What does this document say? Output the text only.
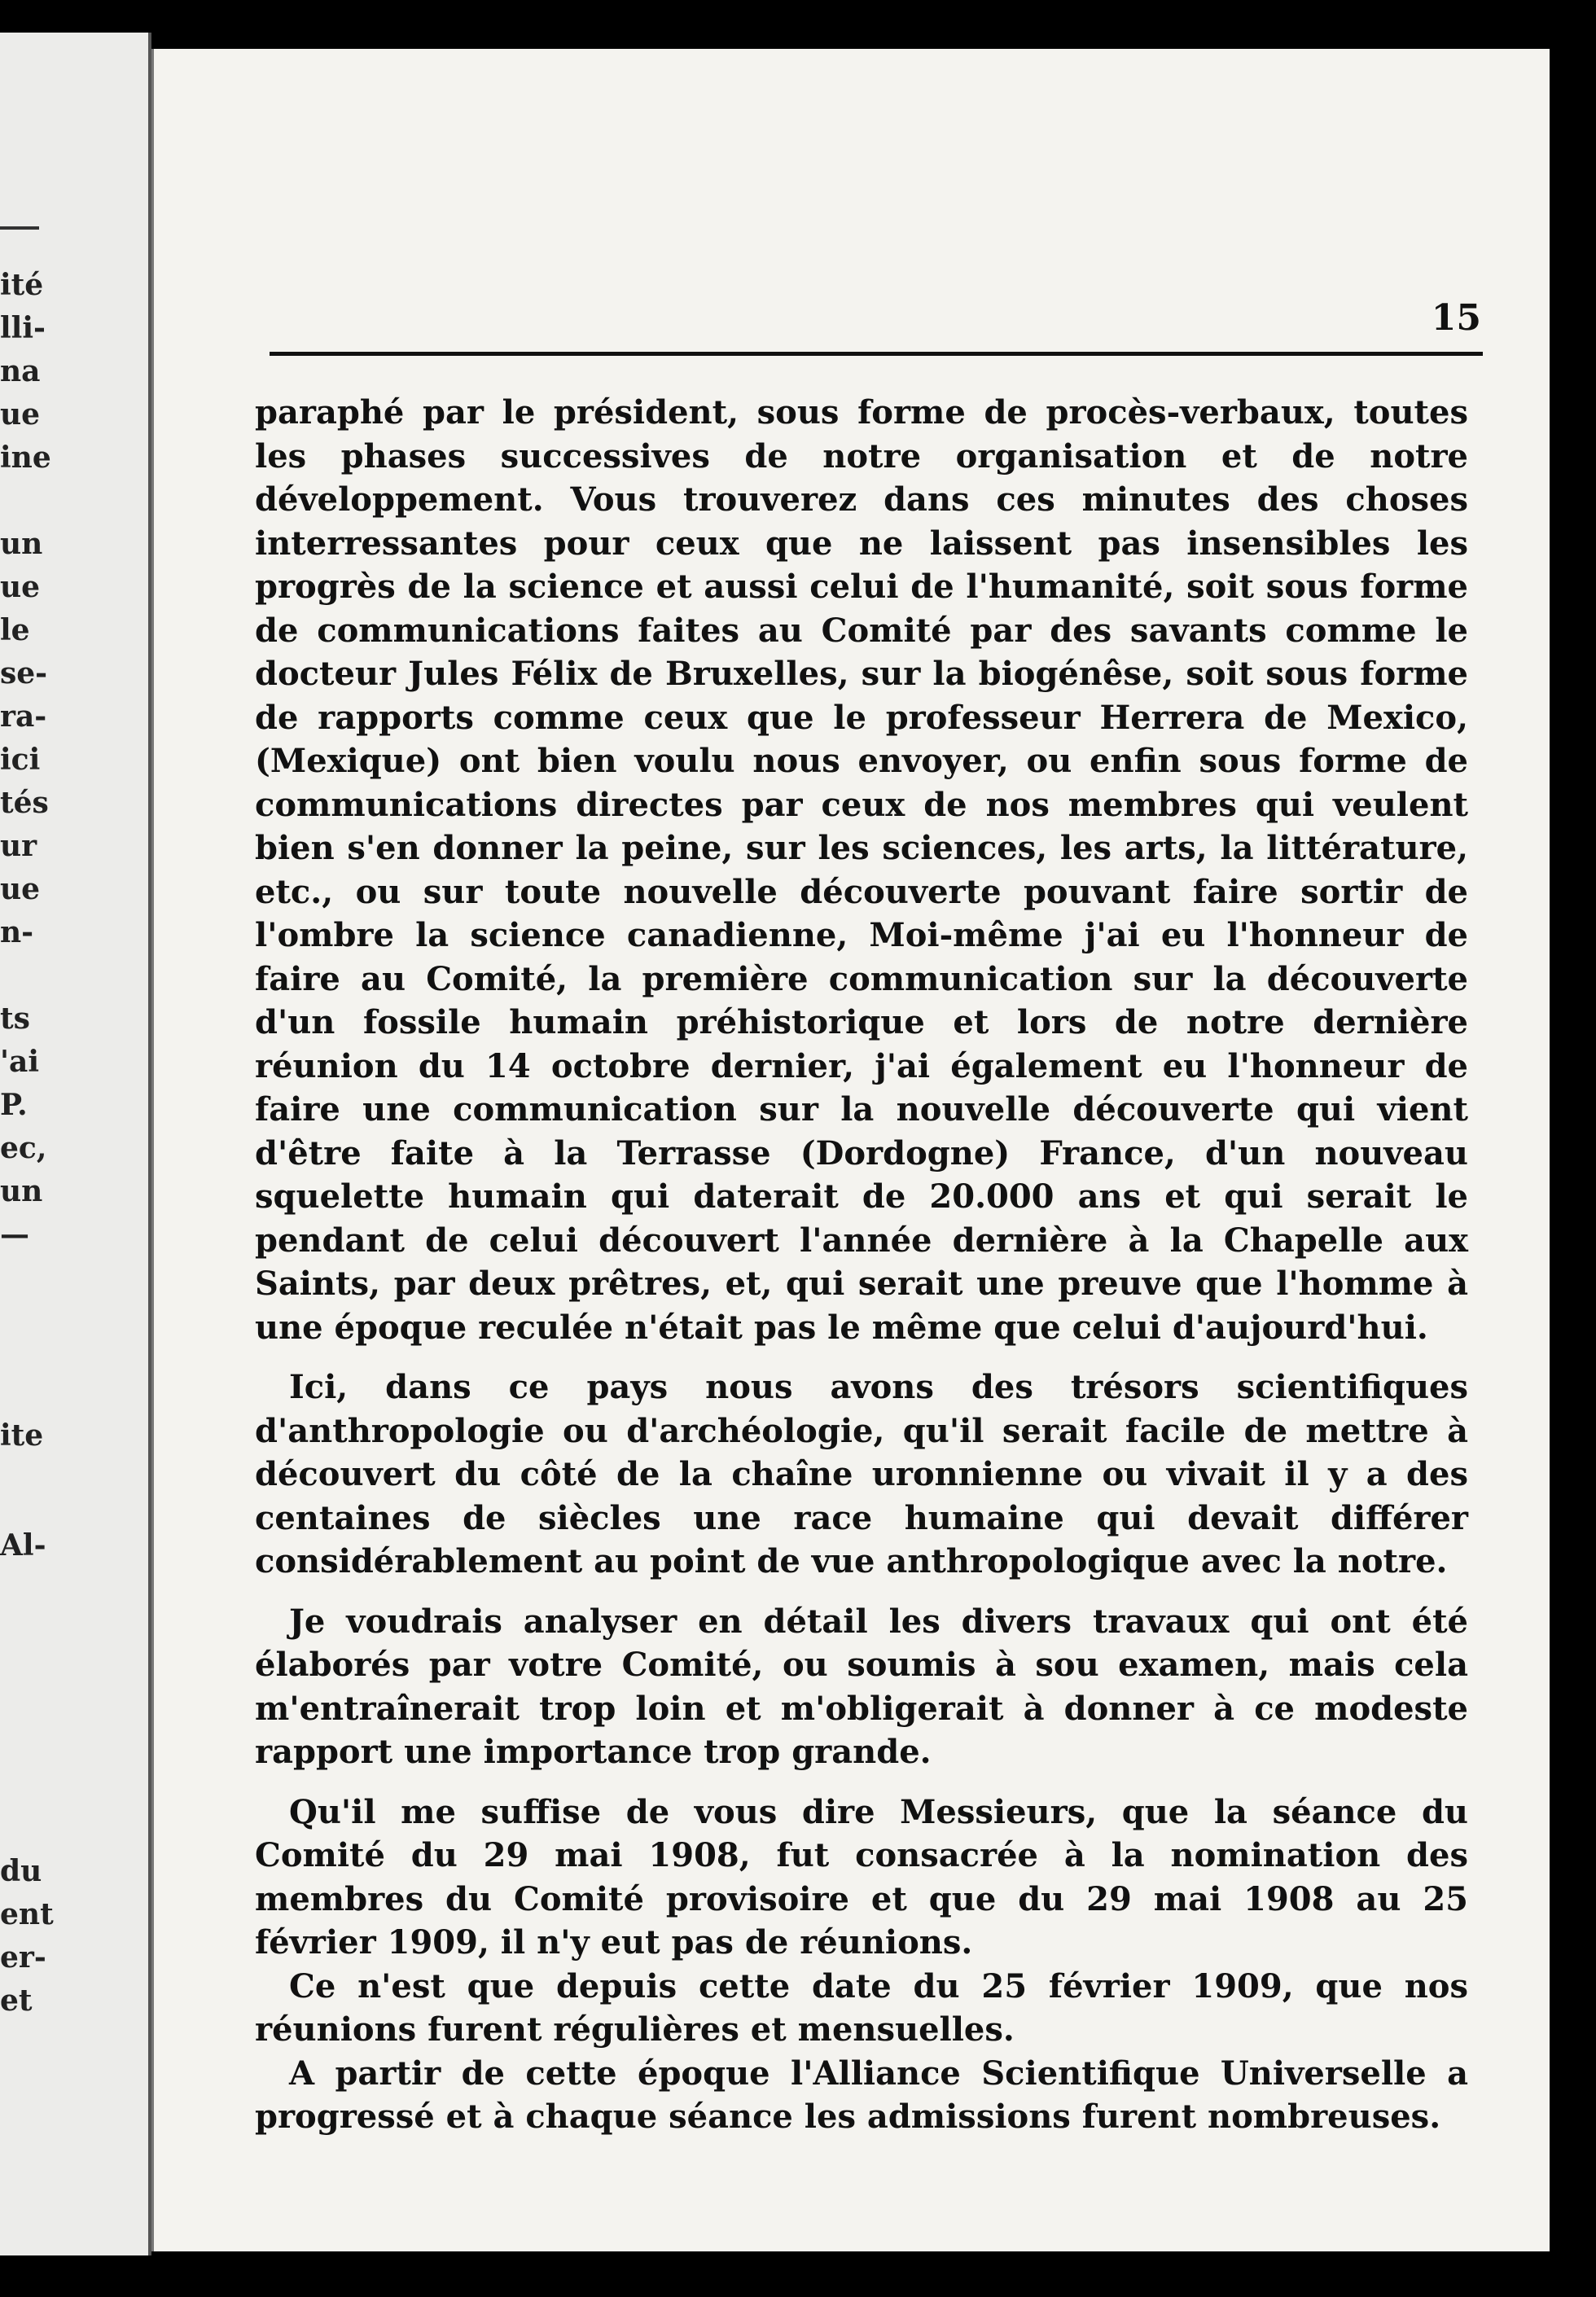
ité
lli-
na
ue
ine
un
ue
le
se-
ra-
ici
tés
ur
ue
n-
ts
'ai
P.
ec,
un
—
ite
Al-
du
ent
er-
et
15

paraphé par le président, sous forme de procès-verbaux, toutes les phases successives de notre organisation et de notre développement. Vous trouverez dans ces minutes des choses interressantes pour ceux que ne laissent pas insensibles les progrès de la science et aussi celui de l'humanité, soit sous forme de communications faites au Comité par des savants comme le docteur Jules Félix de Bruxelles, sur la biogénêse, soit sous forme de rapports comme ceux que le professeur Herrera de Mexico, (Mexique) ont bien voulu nous envoyer, ou enfin sous forme de communications directes par ceux de nos membres qui veulent bien s'en donner la peine, sur les sciences, les arts, la littérature, etc., ou sur toute nouvelle découverte pouvant faire sortir de l'ombre la science canadienne, Moi-même j'ai eu l'honneur de faire au Comité, la première communication sur la découverte d'un fossile humain préhistorique et lors de notre dernière réunion du 14 octobre dernier, j'ai également eu l'honneur de faire une communication sur la nouvelle découverte qui vient d'être faite à la Terrasse (Dordogne) France, d'un nouveau squelette humain qui daterait de 20.000 ans et qui serait le pendant de celui découvert l'année dernière à la Chapelle aux Saints, par deux prêtres, et, qui serait une preuve que l'homme à une époque reculée n'était pas le même que celui d'aujourd'hui.

Ici, dans ce pays nous avons des trésors scientifiques d'anthropologie ou d'archéologie, qu'il serait facile de mettre à découvert du côté de la chaîne uronnienne ou vivait il y a des centaines de siècles une race humaine qui devait différer considérablement au point de vue anthropologique avec la notre.

Je voudrais analyser en détail les divers travaux qui ont été élaborés par votre Comité, ou soumis à sou examen, mais cela m'entraînerait trop loin et m'obligerait à donner à ce modeste rapport une importance trop grande.

Qu'il me suffise de vous dire Messieurs, que la séance du Comité du 29 mai 1908, fut consacrée à la nomination des membres du Comité provisoire et que du 29 mai 1908 au 25 février 1909, il n'y eut pas de réunions.

Ce n'est que depuis cette date du 25 février 1909, que nos réunions furent régulières et mensuelles.

A partir de cette époque l'Alliance Scientifique Universelle a progressé et à chaque séance les admissions furent nombreuses.
